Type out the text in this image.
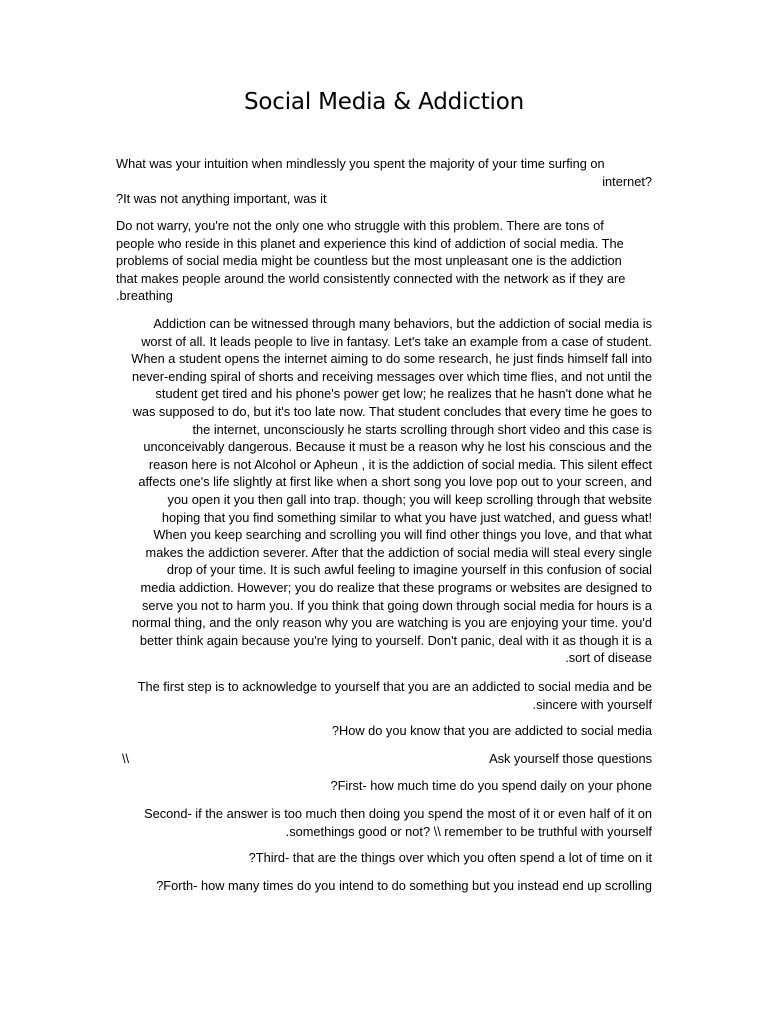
Social Media & Addiction
What was your intuition when mindlessly you spent the majority of your time surfing on
internet?
?It was not anything important, was it
Do not warry, you're not the only one who struggle with this problem. There are tons of
people who reside in this planet and experience this kind of addiction of social media. The
problems of social media might be countless but the most unpleasant one is the addiction
that makes people around the world consistently connected with the network as if they are
.breathing
Addiction can be witnessed through many behaviors, but the addiction of social media is
worst of all. It leads people to live in fantasy. Let's take an example from a case of student.
When a student opens the internet aiming to do some research, he just finds himself fall into
never-ending spiral of shorts and receiving messages over which time flies, and not until the
student get tired and his phone's power get low; he realizes that he hasn't done what he
was supposed to do, but it's too late now. That student concludes that every time he goes to
the internet, unconsciously he starts scrolling through short video and this case is
unconceivably dangerous. Because it must be a reason why he lost his conscious and the
reason here is not Alcohol or Apheun , it is the addiction of social media. This silent effect
affects one's life slightly at first like when a short song you love pop out to your screen, and
you open it you then gall into trap. though; you will keep scrolling through that website
hoping that you find something similar to what you have just watched, and guess what!
When you keep searching and scrolling you will find other things you love, and that what
makes the addiction severer. After that the addiction of social media will steal every single
drop of your time. It is such awful feeling to imagine yourself in this confusion of social
media addiction. However; you do realize that these programs or websites are designed to
serve you not to harm you. If you think that going down through social media for hours is a
normal thing, and the only reason why you are watching is you are enjoying your time. you'd
better think again because you're lying to yourself. Don't panic, deal with it as though it is a
.sort of disease
The first step is to acknowledge to yourself that you are an addicted to social media and be
.sincere with yourself
?How do you know that you are addicted to social media
\\	Ask yourself those questions
?First- how much time do you spend daily on your phone
Second- if the answer is too much then doing you spend the most of it or even half of it on
.somethings good or not? \\ remember to be truthful with yourself
?Third- that are the things over which you often spend a lot of time on it
?Forth- how many times do you intend to do something but you instead end up scrolling
